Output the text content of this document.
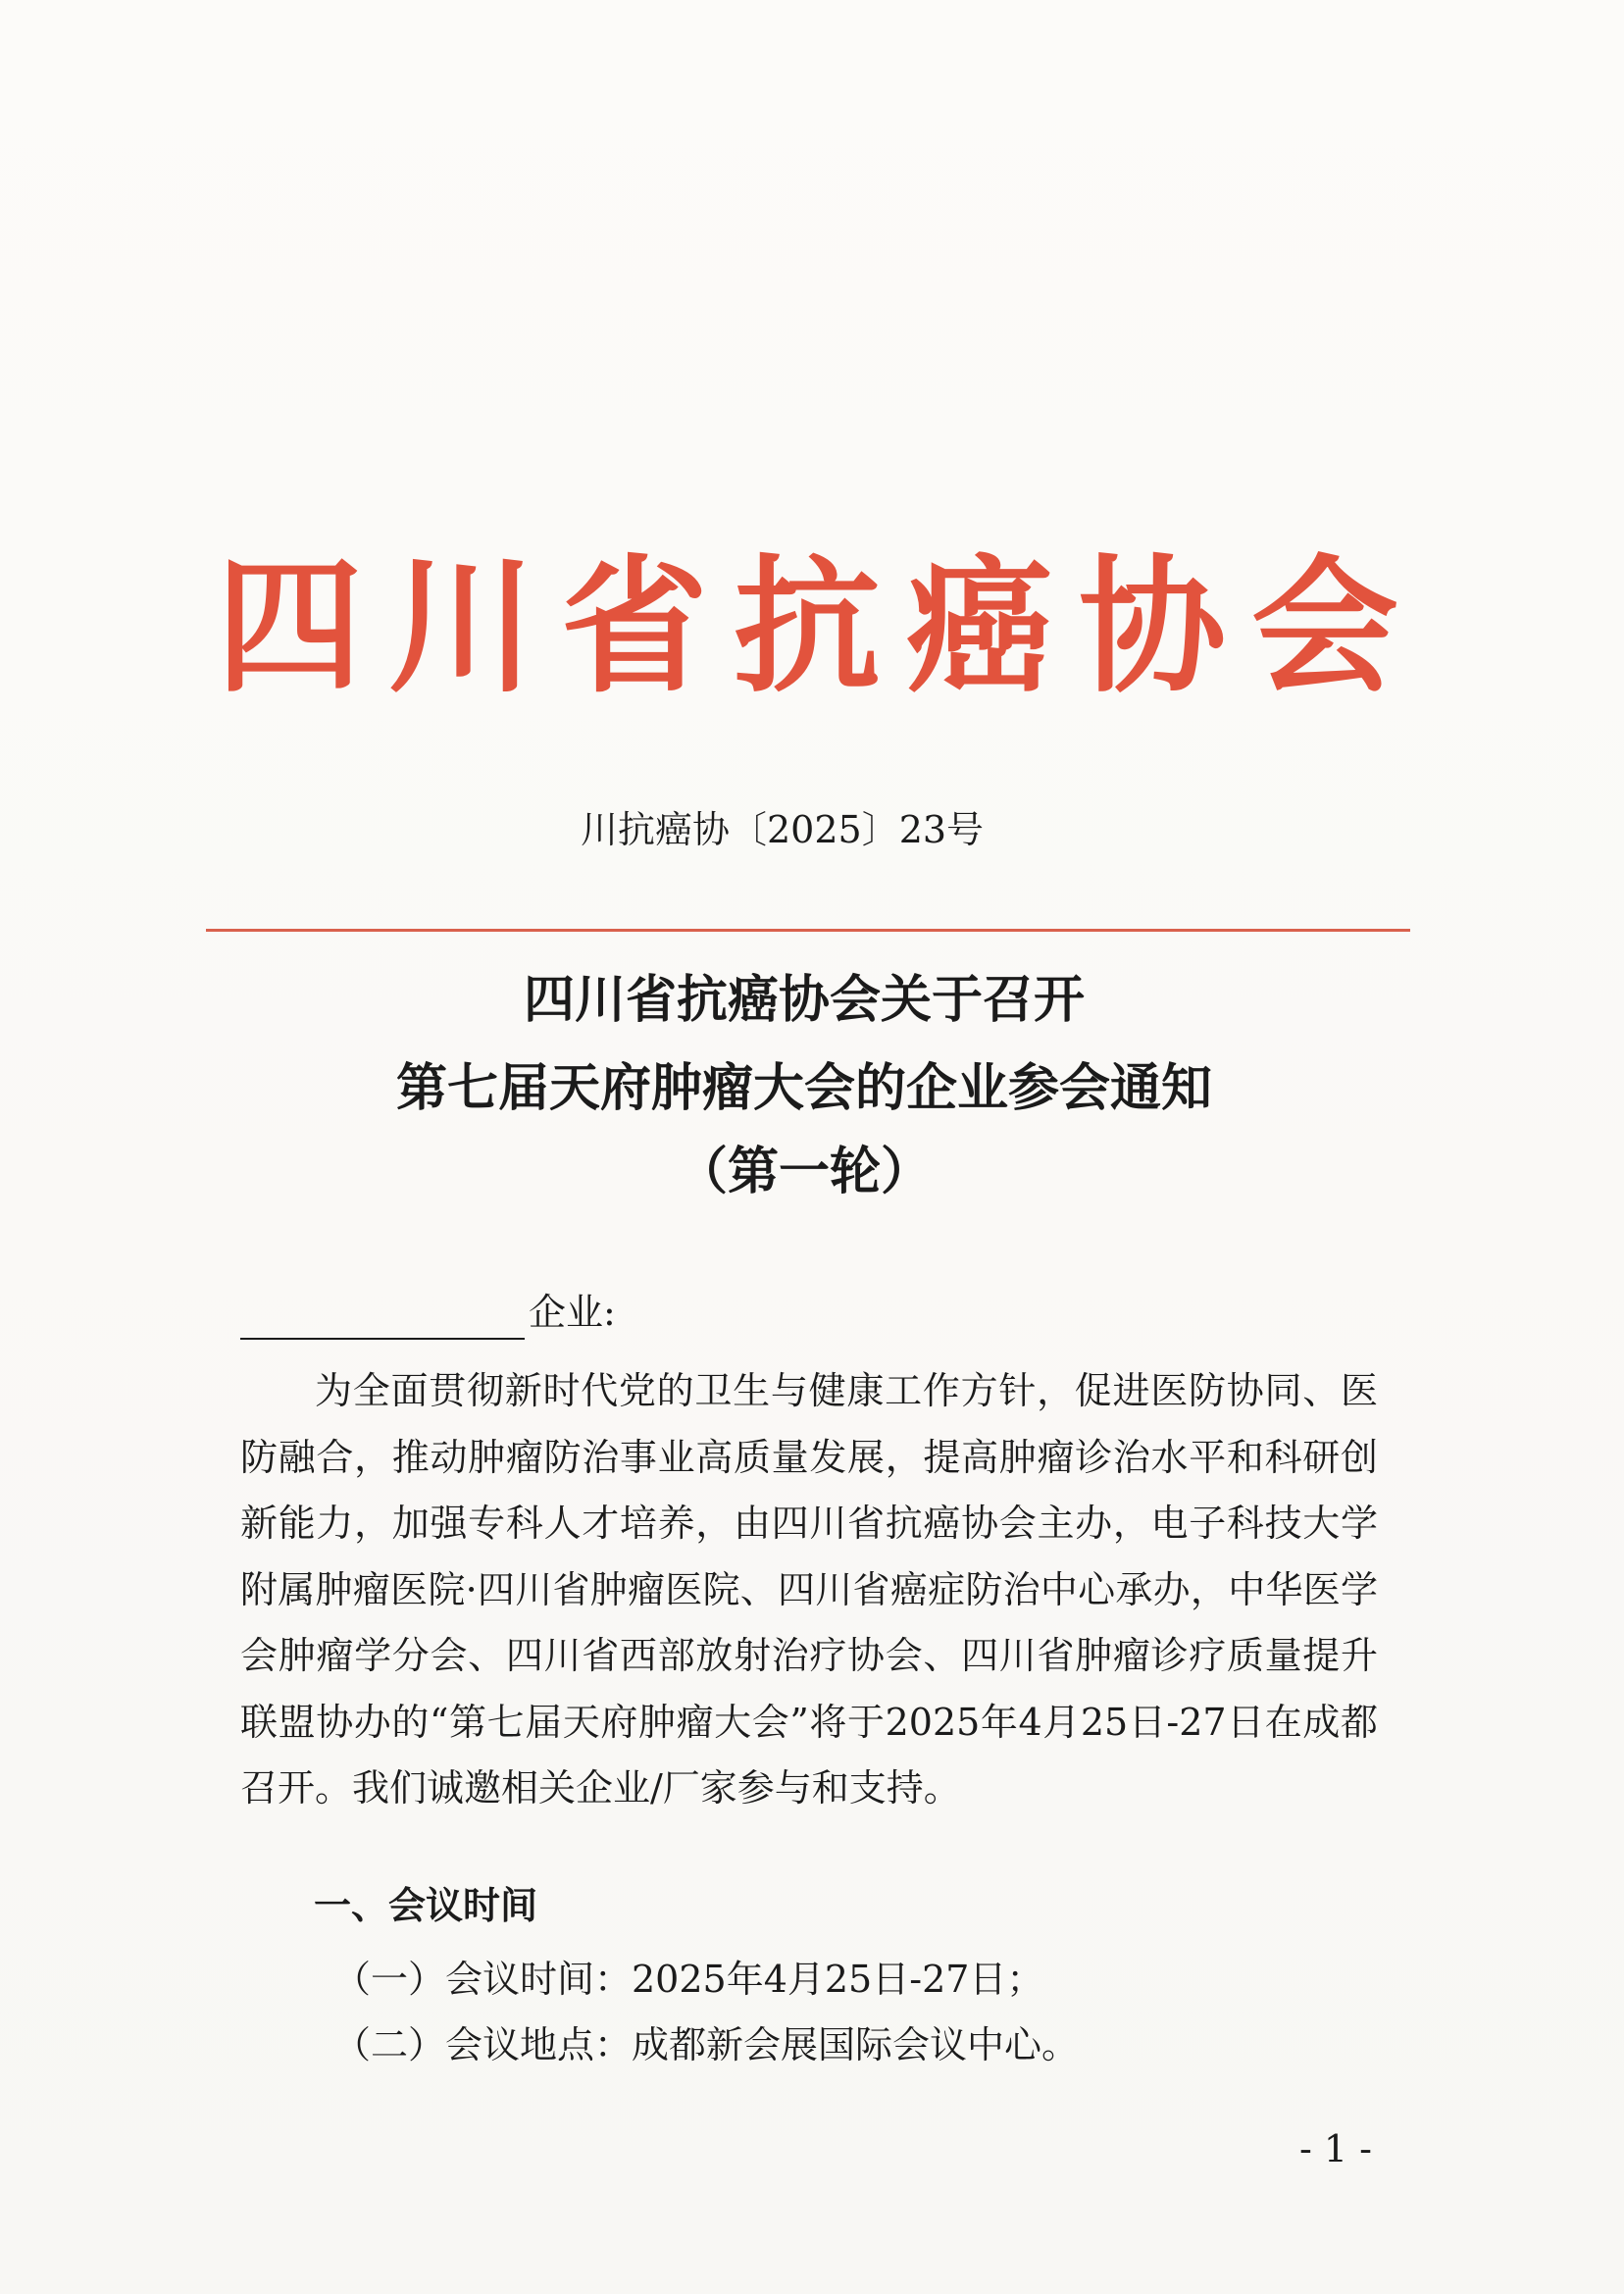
四川省抗癌协会
川抗癌协〔2025〕23号
四川省抗癌协会关于召开
第七届天府肿瘤大会的企业参会通知
（第一轮）
企业:
为全面贯彻新时代党的卫生与健康工作方针，促进医防协同、医防融合，推动肿瘤防治事业高质量发展，提高肿瘤诊治水平和科研创新能力，加强专科人才培养，由四川省抗癌协会主办，电子科技大学附属肿瘤医院·四川省肿瘤医院、四川省癌症防治中心承办，中华医学会肿瘤学分会、四川省西部放射治疗协会、四川省肿瘤诊疗质量提升联盟协办的“第七届天府肿瘤大会”将于2025年4月25日-27日在成都召开。我们诚邀相关企业/厂家参与和支持。
一、会议时间
（一）会议时间：2025年4月25日-27日；
（二）会议地点：成都新会展国际会议中心。
- 1 -
